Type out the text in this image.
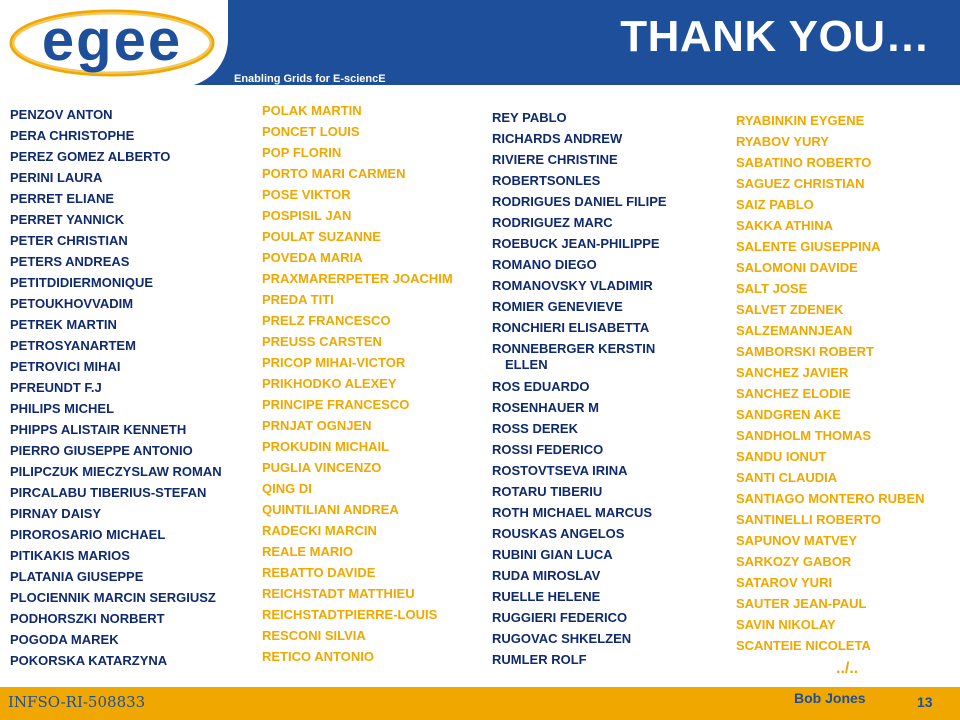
egee
Enabling Grids for E-sciencE
THANK YOU…
PENZOV ANTON
PERA CHRISTOPHE
PEREZ GOMEZ ALBERTO
PERINI LAURA
PERRET ELIANE
PERRET YANNICK
PETER CHRISTIAN
PETERS ANDREAS
PETITDIDIERMONIQUE
PETOUKHOVVADIM
PETREK MARTIN
PETROSYANARTEM
PETROVICI MIHAI
PFREUNDT F.J
PHILIPS MICHEL
PHIPPS ALISTAIR KENNETH
PIERRO GIUSEPPE ANTONIO
PILIPCZUK MIECZYSLAW ROMAN
PIRCALABU TIBERIUS-STEFAN
PIRNAY DAISY
PIROROSARIO MICHAEL
PITIKAKIS MARIOS
PLATANIA GIUSEPPE
PLOCIENNIK MARCIN SERGIUSZ
PODHORSZKI NORBERT
POGODA MAREK
POKORSKA KATARZYNA
POLAK MARTIN
PONCET LOUIS
POP FLORIN
PORTO MARI CARMEN
POSE VIKTOR
POSPISIL JAN
POULAT SUZANNE
POVEDA MARIA
PRAXMARERPETER JOACHIM
PREDA TITI
PRELZ FRANCESCO
PREUSS CARSTEN
PRICOP MIHAI-VICTOR
PRIKHODKO ALEXEY
PRINCIPE FRANCESCO
PRNJAT OGNJEN
PROKUDIN MICHAIL
PUGLIA VINCENZO
QING DI
QUINTILIANI ANDREA
RADECKI MARCIN
REALE MARIO
REBATTO DAVIDE
REICHSTADT MATTHIEU
REICHSTADTPIERRE-LOUIS
RESCONI SILVIA
RETICO ANTONIO
REY PABLO
RICHARDS ANDREW
RIVIERE CHRISTINE
ROBERTSONLES
RODRIGUES DANIEL FILIPE
RODRIGUEZ MARC
ROEBUCK JEAN-PHILIPPE
ROMANO DIEGO
ROMANOVSKY VLADIMIR
ROMIER GENEVIEVE
RONCHIERI ELISABETTA
RONNEBERGER KERSTIN
ELLEN
ROS EDUARDO
ROSENHAUER M
ROSS DEREK
ROSSI FEDERICO
ROSTOVTSEVA IRINA
ROTARU TIBERIU
ROTH MICHAEL MARCUS
ROUSKAS ANGELOS
RUBINI GIAN LUCA
RUDA MIROSLAV
RUELLE HELENE
RUGGIERI FEDERICO
RUGOVAC SHKELZEN
RUMLER ROLF
RYABINKIN EYGENE
RYABOV YURY
SABATINO ROBERTO
SAGUEZ CHRISTIAN
SAIZ PABLO
SAKKA ATHINA
SALENTE GIUSEPPINA
SALOMONI DAVIDE
SALT JOSE
SALVET ZDENEK
SALZEMANNJEAN
SAMBORSKI ROBERT
SANCHEZ JAVIER
SANCHEZ ELODIE
SANDGREN AKE
SANDHOLM THOMAS
SANDU IONUT
SANTI CLAUDIA
SANTIAGO MONTERO RUBEN
SANTINELLI ROBERTO
SAPUNOV MATVEY
SARKOZY GABOR
SATAROV YURI
SAUTER JEAN-PAUL
SAVIN NIKOLAY
SCANTEIE NICOLETA
../..
INFSO-RI-508833	Bob Jones	13
